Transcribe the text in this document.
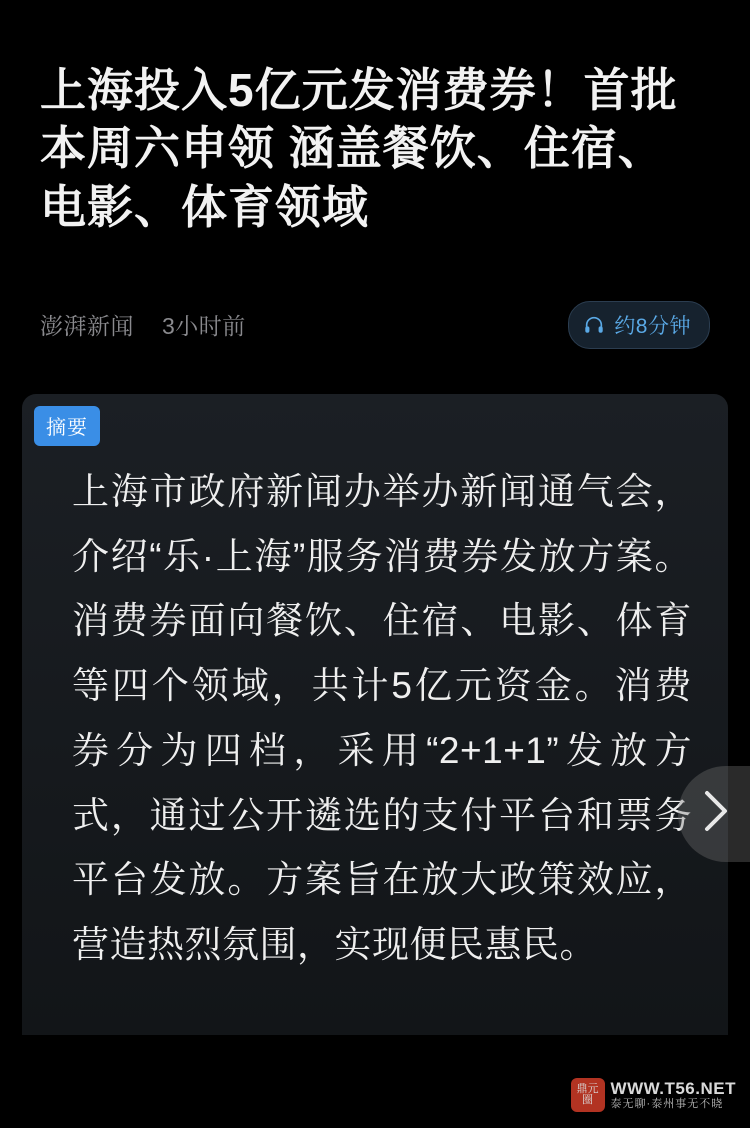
上海投入5亿元发消费券！首批本周六申领 涵盖餐饮、住宿、电影、体育领域
澎湃新闻 3小时前	约8分钟
摘要

上海市政府新闻办举办新闻通气会，介绍“乐·上海”服务消费券发放方案。消费券面向餐饮、住宿、电影、体育等四个领域，共计5亿元资金。消费券分为四档，采用“2+1+1”发放方式，通过公开遴选的支付平台和票务平台发放。方案旨在放大政策效应，营造热烈氛围，实现便民惠民。

鼎元
圈
WWW.T56.NET
泰无聊·泰州事无不晓
